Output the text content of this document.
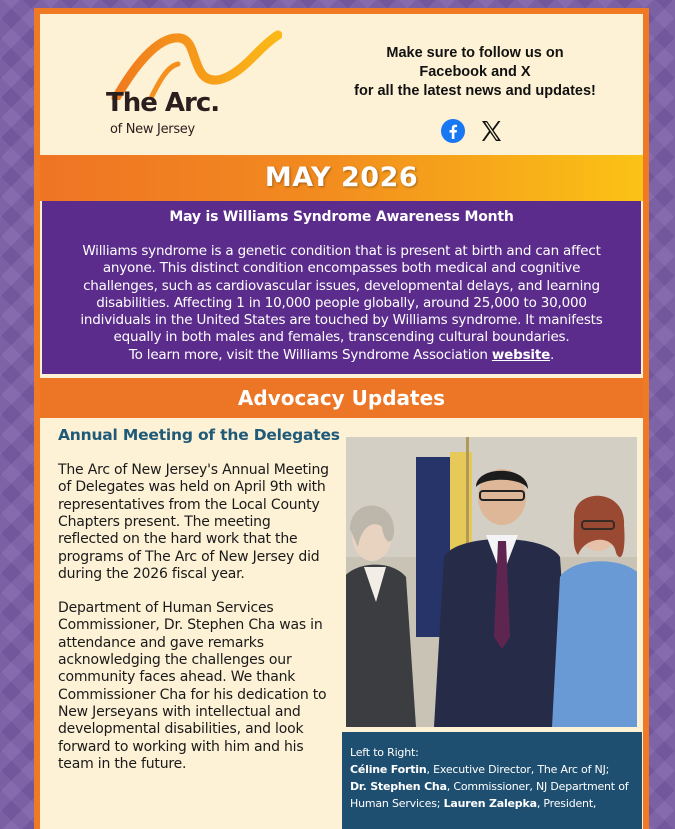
The Arc.
of New Jersey
Make sure to follow us on
Facebook and X
for all the latest news and updates!
MAY 2026
May is Williams Syndrome Awareness Month

Williams syndrome is a genetic condition that is present at birth and can affect anyone. This distinct condition encompasses both medical and cognitive challenges, such as cardiovascular issues, developmental delays, and learning disabilities. Affecting 1 in 10,000 people globally, around 25,000 to 30,000 individuals in the United States are touched by Williams syndrome. It manifests equally in both males and females, transcending cultural boundaries.

To learn more, visit the Williams Syndrome Association website.

Advocacy Updates
Annual Meeting of the Delegates

The Arc of New Jersey's Annual Meeting of Delegates was held on April 9th with representatives from the Local County Chapters present. The meeting reflected on the hard work that the programs of The Arc of New Jersey did during the 2026 fiscal year.

Department of Human Services Commissioner, Dr. Stephen Cha was in attendance and gave remarks acknowledging the challenges our community faces ahead. We thank Commissioner Cha for his dedication to New Jerseyans with intellectual and developmental disabilities, and look forward to working with him and his team in the future.

Left to Right:
Céline Fortin, Executive Director, The Arc of NJ;
Dr. Stephen Cha, Commissioner, NJ Department of Human Services; Lauren Zalepka, President,
